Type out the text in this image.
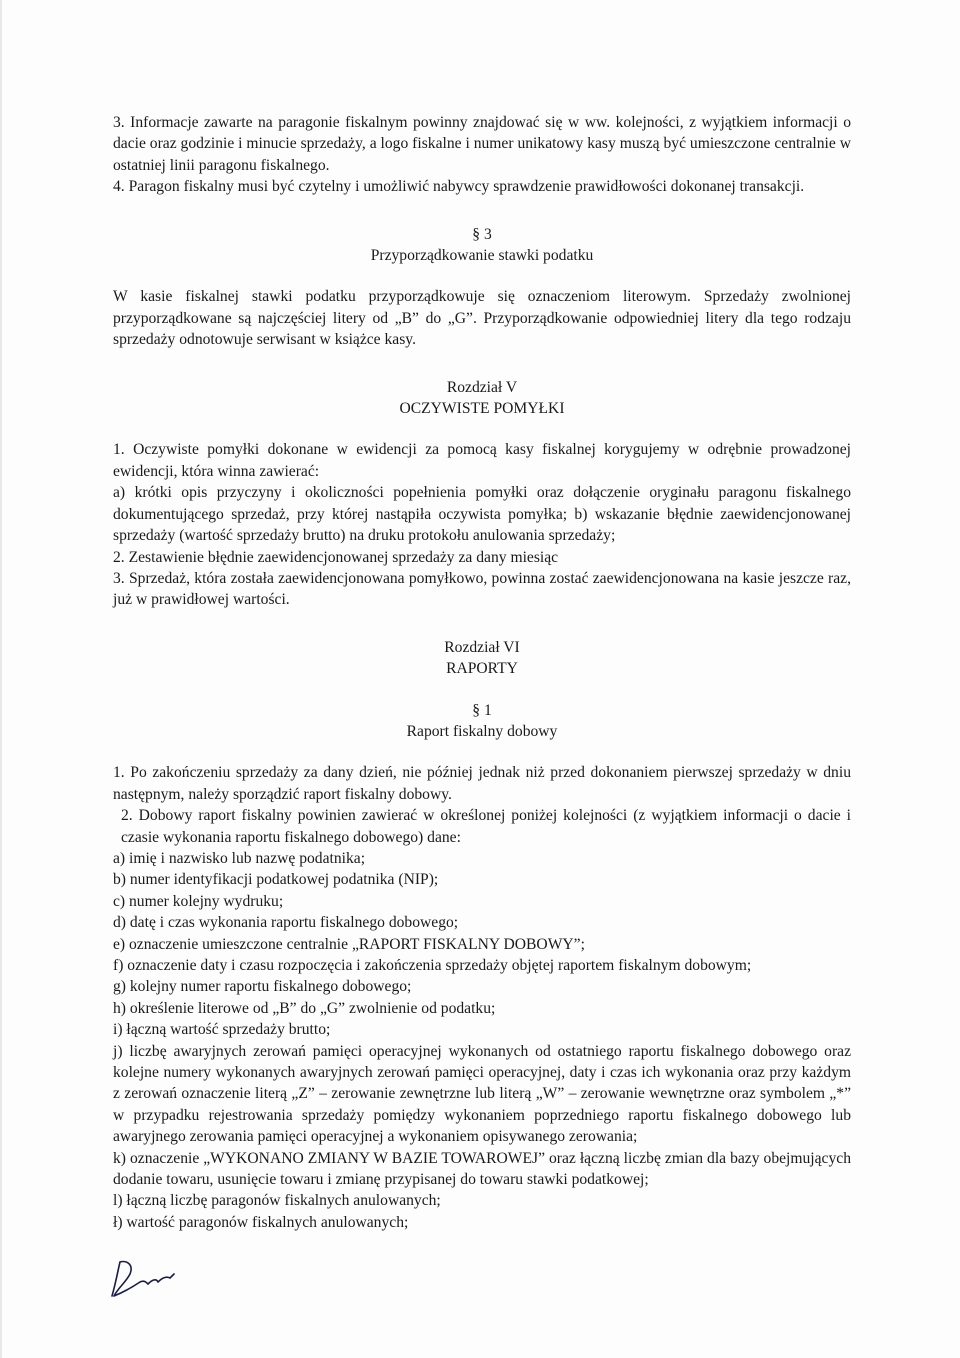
3. Informacje zawarte na paragonie fiskalnym powinny znajdować się w ww. kolejności, z wyjątkiem informacji o dacie oraz godzinie i minucie sprzedaży, a logo fiskalne i numer unikatowy kasy muszą być umieszczone centralnie w ostatniej linii paragonu fiskalnego.

4. Paragon fiskalny musi być czytelny i umożliwić nabywcy sprawdzenie prawidłowości dokonanej transakcji.

§ 3

Przyporządkowanie stawki podatku

W kasie fiskalnej stawki podatku przyporządkowuje się oznaczeniom literowym. Sprzedaży zwolnionej przyporządkowane są najczęściej litery od „B” do „G”. Przyporządkowanie odpowiedniej litery dla tego rodzaju sprzedaży odnotowuje serwisant w książce kasy.

Rozdział V

OCZYWISTE POMYŁKI

1. Oczywiste pomyłki dokonane w ewidencji za pomocą kasy fiskalnej korygujemy w odrębnie prowadzonej ewidencji, która winna zawierać:

a) krótki opis przyczyny i okoliczności popełnienia pomyłki oraz dołączenie oryginału paragonu fiskalnego dokumentującego sprzedaż, przy której nastąpiła oczywista pomyłka; b) wskazanie błędnie zaewidencjonowanej sprzedaży (wartość sprzedaży brutto) na druku protokołu anulowania sprzedaży;

2. Zestawienie błędnie zaewidencjonowanej sprzedaży za dany miesiąc

3. Sprzedaż, która została zaewidencjonowana pomyłkowo, powinna zostać zaewidencjonowana na kasie jeszcze raz, już w prawidłowej wartości.

Rozdział VI

RAPORTY

§ 1

Raport fiskalny dobowy

1. Po zakończeniu sprzedaży za dany dzień, nie później jednak niż przed dokonaniem pierwszej sprzedaży w dniu następnym, należy sporządzić raport fiskalny dobowy.

2. Dobowy raport fiskalny powinien zawierać w określonej poniżej kolejności (z wyjątkiem informacji o dacie i czasie wykonania raportu fiskalnego dobowego) dane:

a) imię i nazwisko lub nazwę podatnika;

b) numer identyfikacji podatkowej podatnika (NIP);

c) numer kolejny wydruku;

d) datę i czas wykonania raportu fiskalnego dobowego;

e) oznaczenie umieszczone centralnie „RAPORT FISKALNY DOBOWY”;

f) oznaczenie daty i czasu rozpoczęcia i zakończenia sprzedaży objętej raportem fiskalnym dobowym;

g) kolejny numer raportu fiskalnego dobowego;

h) określenie literowe od „B” do „G” zwolnienie od podatku;

i) łączną wartość sprzedaży brutto;

j) liczbę awaryjnych zerowań pamięci operacyjnej wykonanych od ostatniego raportu fiskalnego dobowego oraz kolejne numery wykonanych awaryjnych zerowań pamięci operacyjnej, daty i czas ich wykonania oraz przy każdym z zerowań oznaczenie literą „Z” – zerowanie zewnętrzne lub literą „W” – zerowanie wewnętrzne oraz symbolem „*” w przypadku rejestrowania sprzedaży pomiędzy wykonaniem poprzedniego raportu fiskalnego dobowego lub awaryjnego zerowania pamięci operacyjnej a wykonaniem opisywanego zerowania;

k) oznaczenie „WYKONANO ZMIANY W BAZIE TOWAROWEJ” oraz łączną liczbę zmian dla bazy obejmujących dodanie towaru, usunięcie towaru i zmianę przypisanej do towaru stawki podatkowej;

l) łączną liczbę paragonów fiskalnych anulowanych;

ł) wartość paragonów fiskalnych anulowanych;
